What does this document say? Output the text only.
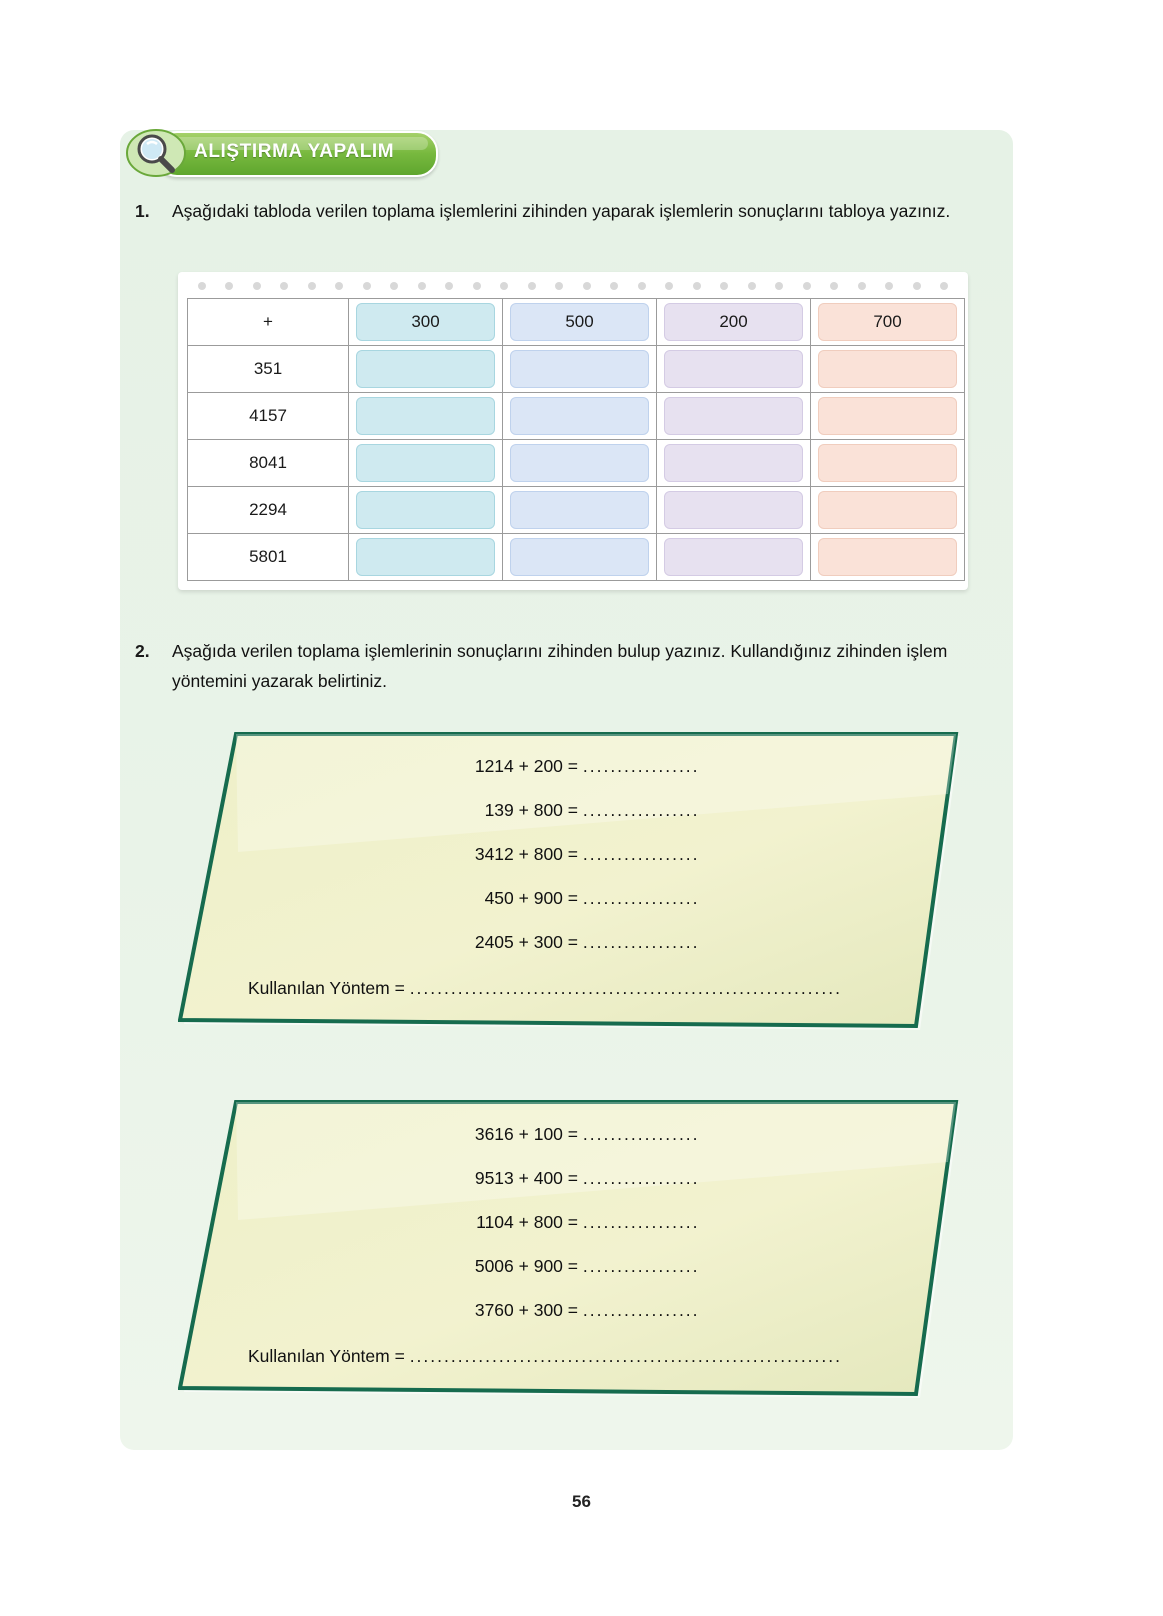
ALIŞTIRMA YAPALIM
1. Aşağıdaki tabloda verilen toplama işlemlerini zihinden yaparak işlemlerin sonuçlarını tabloya yazınız.
+	300	500	200	700

351	

4157	

8041	

2294	

5801	

2. Aşağıda verilen toplama işlemlerinin sonuçlarını zihinden bulup yazınız. Kullandığınız zihinden işlem yöntemini yazarak belirtiniz.
1214 + 200 = .................
139 + 800 = .................
3412 + 800 = .................
450 + 900 = .................
2405 + 300 = .................
Kullanılan Yöntem = ...............................................................
3616 + 100 = .................
9513 + 400 = .................
1104 + 800 = .................
5006 + 900 = .................
3760 + 300 = .................
Kullanılan Yöntem = ...............................................................
56
